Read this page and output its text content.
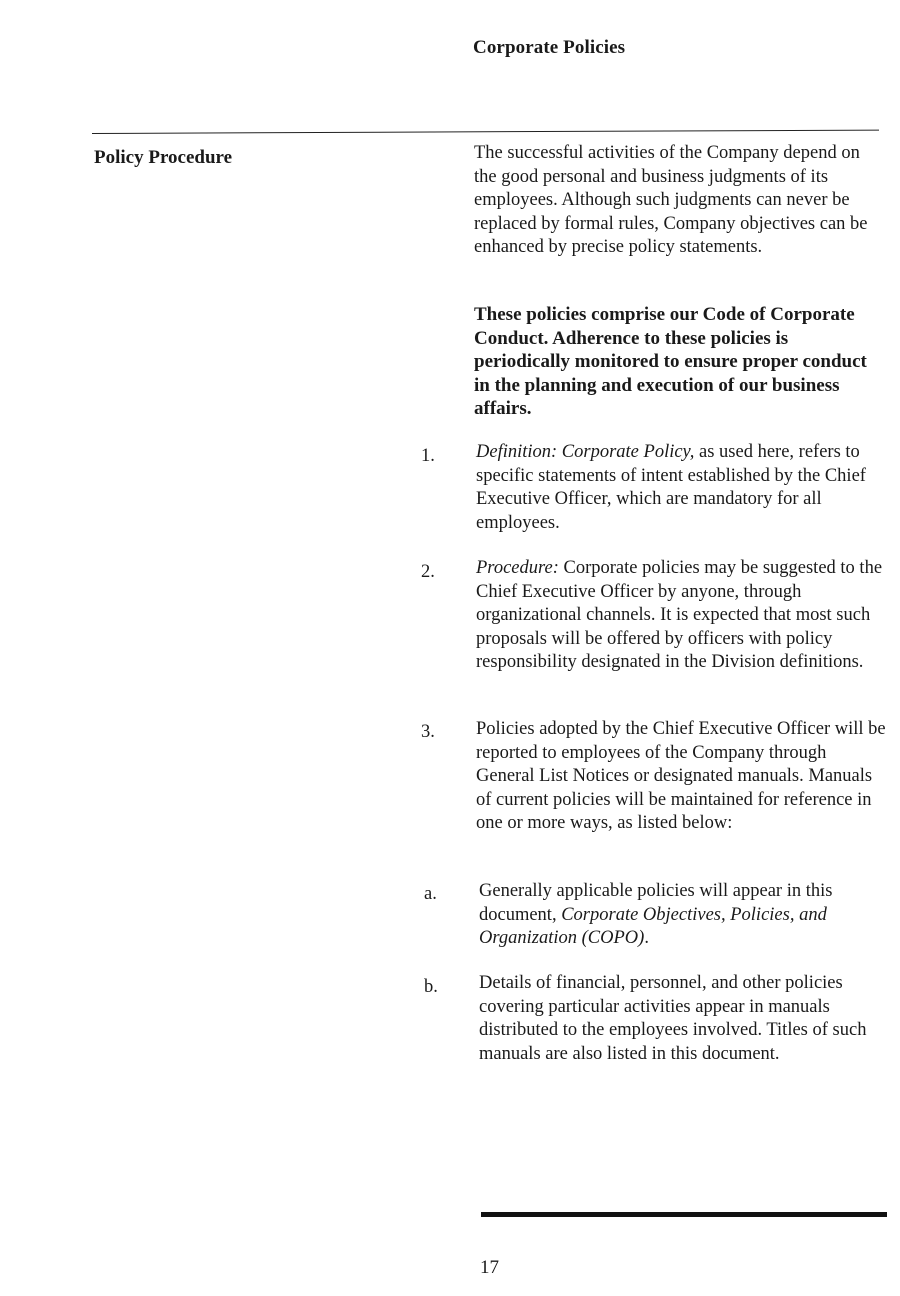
Corporate Policies
Policy Procedure	The successful activities of the Company depend on the good personal and business judgments of its employees. Although such judgments can never be replaced by formal rules, Company objectives can be enhanced by precise policy statements.

These policies comprise our Code of Corporate Conduct. Adherence to these policies is periodically monitored to ensure proper conduct in the planning and execution of our business affairs.

1. Definition: Corporate Policy, as used here, refers to specific statements of intent established by the Chief Executive Officer, which are mandatory for all employees.

2. Procedure: Corporate policies may be suggested to the Chief Executive Officer by anyone, through organizational channels. It is expected that most such proposals will be offered by officers with policy responsibility designated in the Division definitions.

3. Policies adopted by the Chief Executive Officer will be reported to employees of the Company through General List Notices or designated manuals. Manuals of current policies will be maintained for reference in one or more ways, as listed below:

a. Generally applicable policies will appear in this document, Corporate Objectives, Policies, and Organization (COPO).

b. Details of financial, personnel, and other policies covering particular activities appear in manuals distributed to the employees involved. Titles of such manuals are also listed in this document.

17
